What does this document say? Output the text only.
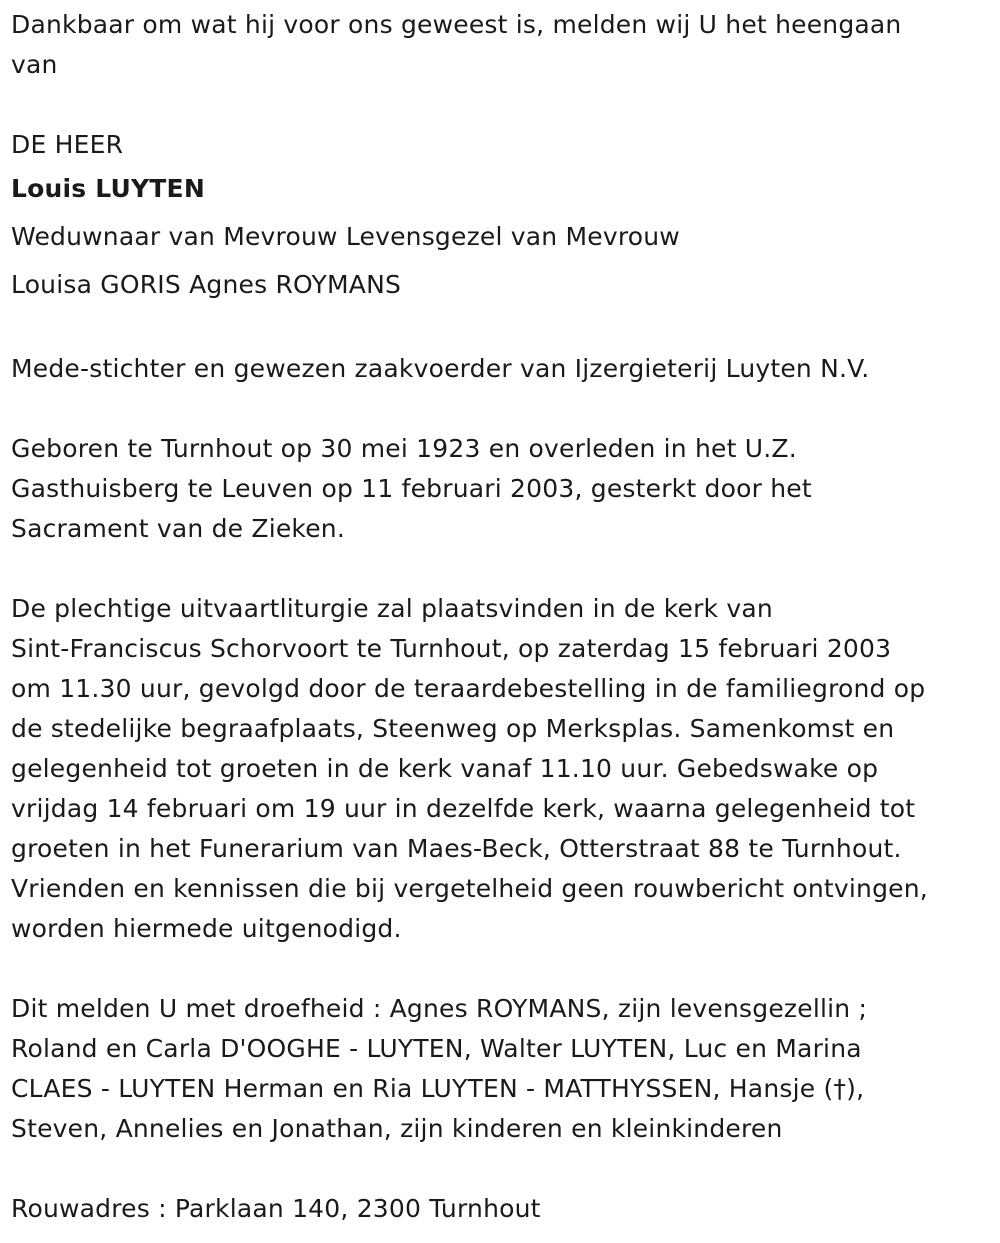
Dankbaar om wat hij voor ons geweest is, melden wij U het heengaan
van
DE HEER
Louis LUYTEN
Weduwnaar van Mevrouw Levensgezel van Mevrouw
Louisa GORIS Agnes ROYMANS
Mede-stichter en gewezen zaakvoerder van Ijzergieterij Luyten N.V.
Geboren te Turnhout op 30 mei 1923 en overleden in het U.Z.
Gasthuisberg te Leuven op 11 februari 2003, gesterkt door het
Sacrament van de Zieken.
De plechtige uitvaartliturgie zal plaatsvinden in de kerk van
Sint-Franciscus Schorvoort te Turnhout, op zaterdag 15 februari 2003
om 11.30 uur, gevolgd door de teraardebestelling in de familiegrond op
de stedelijke begraafplaats, Steenweg op Merksplas. Samenkomst en
gelegenheid tot groeten in de kerk vanaf 11.10 uur. Gebedswake op
vrijdag 14 februari om 19 uur in dezelfde kerk, waarna gelegenheid tot
groeten in het Funerarium van Maes-Beck, Otterstraat 88 te Turnhout.
Vrienden en kennissen die bij vergetelheid geen rouwbericht ontvingen,
worden hiermede uitgenodigd.
Dit melden U met droefheid : Agnes ROYMANS, zijn levensgezellin ;
Roland en Carla D'OOGHE - LUYTEN, Walter LUYTEN, Luc en Marina
CLAES - LUYTEN Herman en Ria LUYTEN - MATTHYSSEN, Hansje (†),
Steven, Annelies en Jonathan, zijn kinderen en kleinkinderen
Rouwadres : Parklaan 140, 2300 Turnhout
